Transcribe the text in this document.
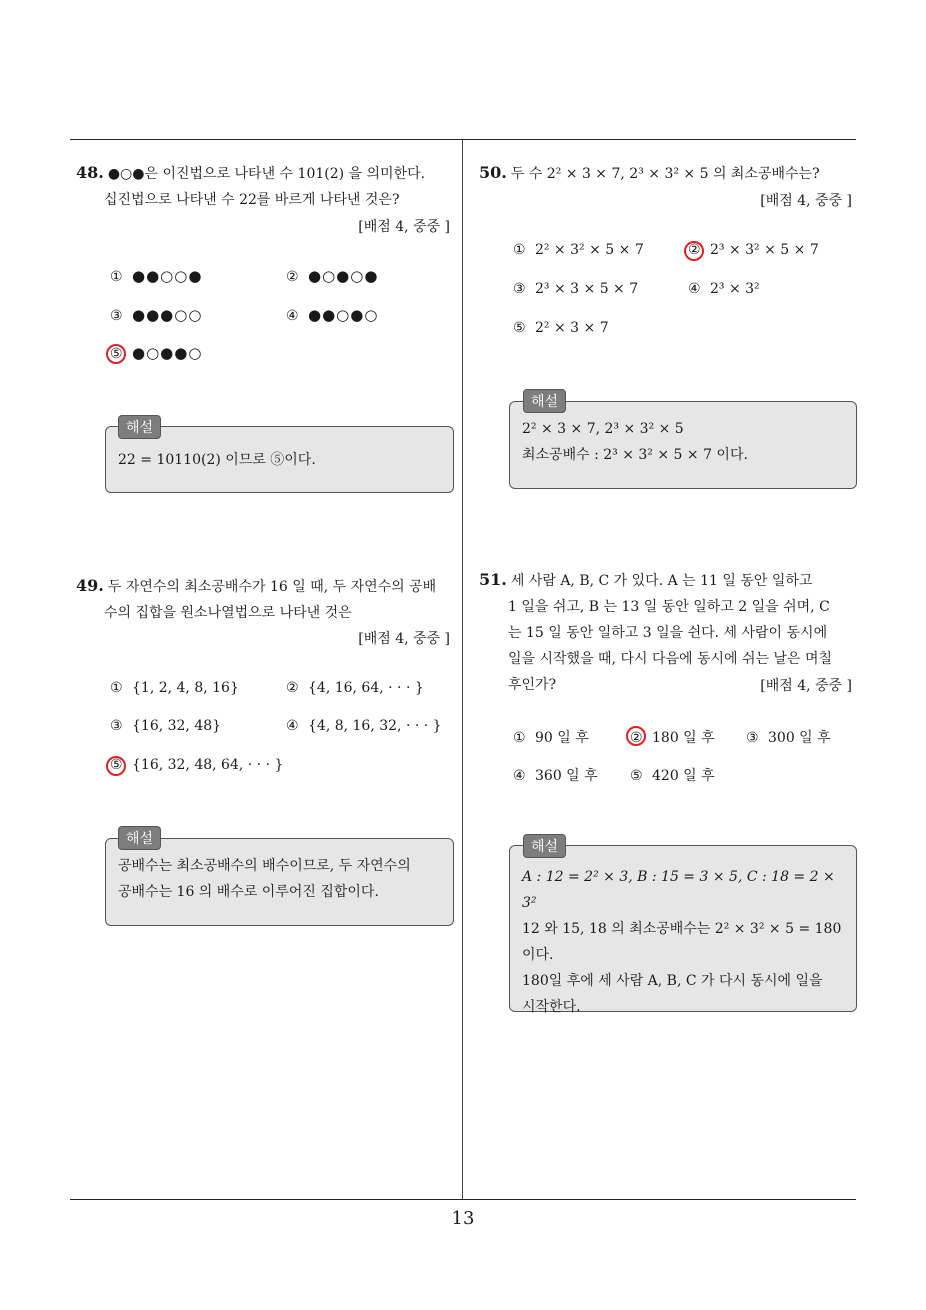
48. ●○●은 이진법으로 나타낸 수 101(2) 을 의미한다.
십진법으로 나타낸 수 22를 바르게 나타낸 것은?
[배점 4, 중중 ]
① ●●○○●	② ●○●○●
③ ●●●○○	④ ●●○●○
⑤ ●○●●○
22 = 10110(2) 이므로 ⑤이다.
해설
49. 두 자연수의 최소공배수가 16 일 때, 두 자연수의 공배
수의 집합을 원소나열법으로 나타낸 것은
[배점 4, 중중 ]
① {1, 2, 4, 8, 16}	② {4, 16, 64, · · · }
③ {16, 32, 48}	④ {4, 8, 16, 32, · · · }
⑤ {16, 32, 48, 64, · · · }
공배수는 최소공배수의 배수이므로, 두 자연수의
공배수는 16 의 배수로 이루어진 집합이다.
해설
50. 두 수 2² × 3 × 7, 2³ × 3² × 5 의 최소공배수는?
[배점 4, 중중 ]
① 2² × 3² × 5 × 7	② 2³ × 3² × 5 × 7
③ 2³ × 3 × 5 × 7	④ 2³ × 3²
⑤ 2² × 3 × 7
2² × 3 × 7, 2³ × 3² × 5
최소공배수 : 2³ × 3² × 5 × 7 이다.
해설
51. 세 사람 A, B, C 가 있다. A 는 11 일 동안 일하고
1 일을 쉬고, B 는 13 일 동안 일하고 2 일을 쉬며, C
는 15 일 동안 일하고 3 일을 쉰다. 세 사람이 동시에
일을 시작했을 때, 다시 다음에 동시에 쉬는 날은 며칠
후인가?	[배점 4, 중중 ]
① 90 일 후	② 180 일 후 ③ 300 일 후
④ 360 일 후 ⑤ 420 일 후
A : 12 = 2² × 3, B : 15 = 3 × 5, C : 18 = 2 × 3²
12 와 15, 18 의 최소공배수는 2² × 3² × 5 = 180
이다.
180일 후에 세 사람 A, B, C 가 다시 동시에 일을
시작한다.
해설
13
